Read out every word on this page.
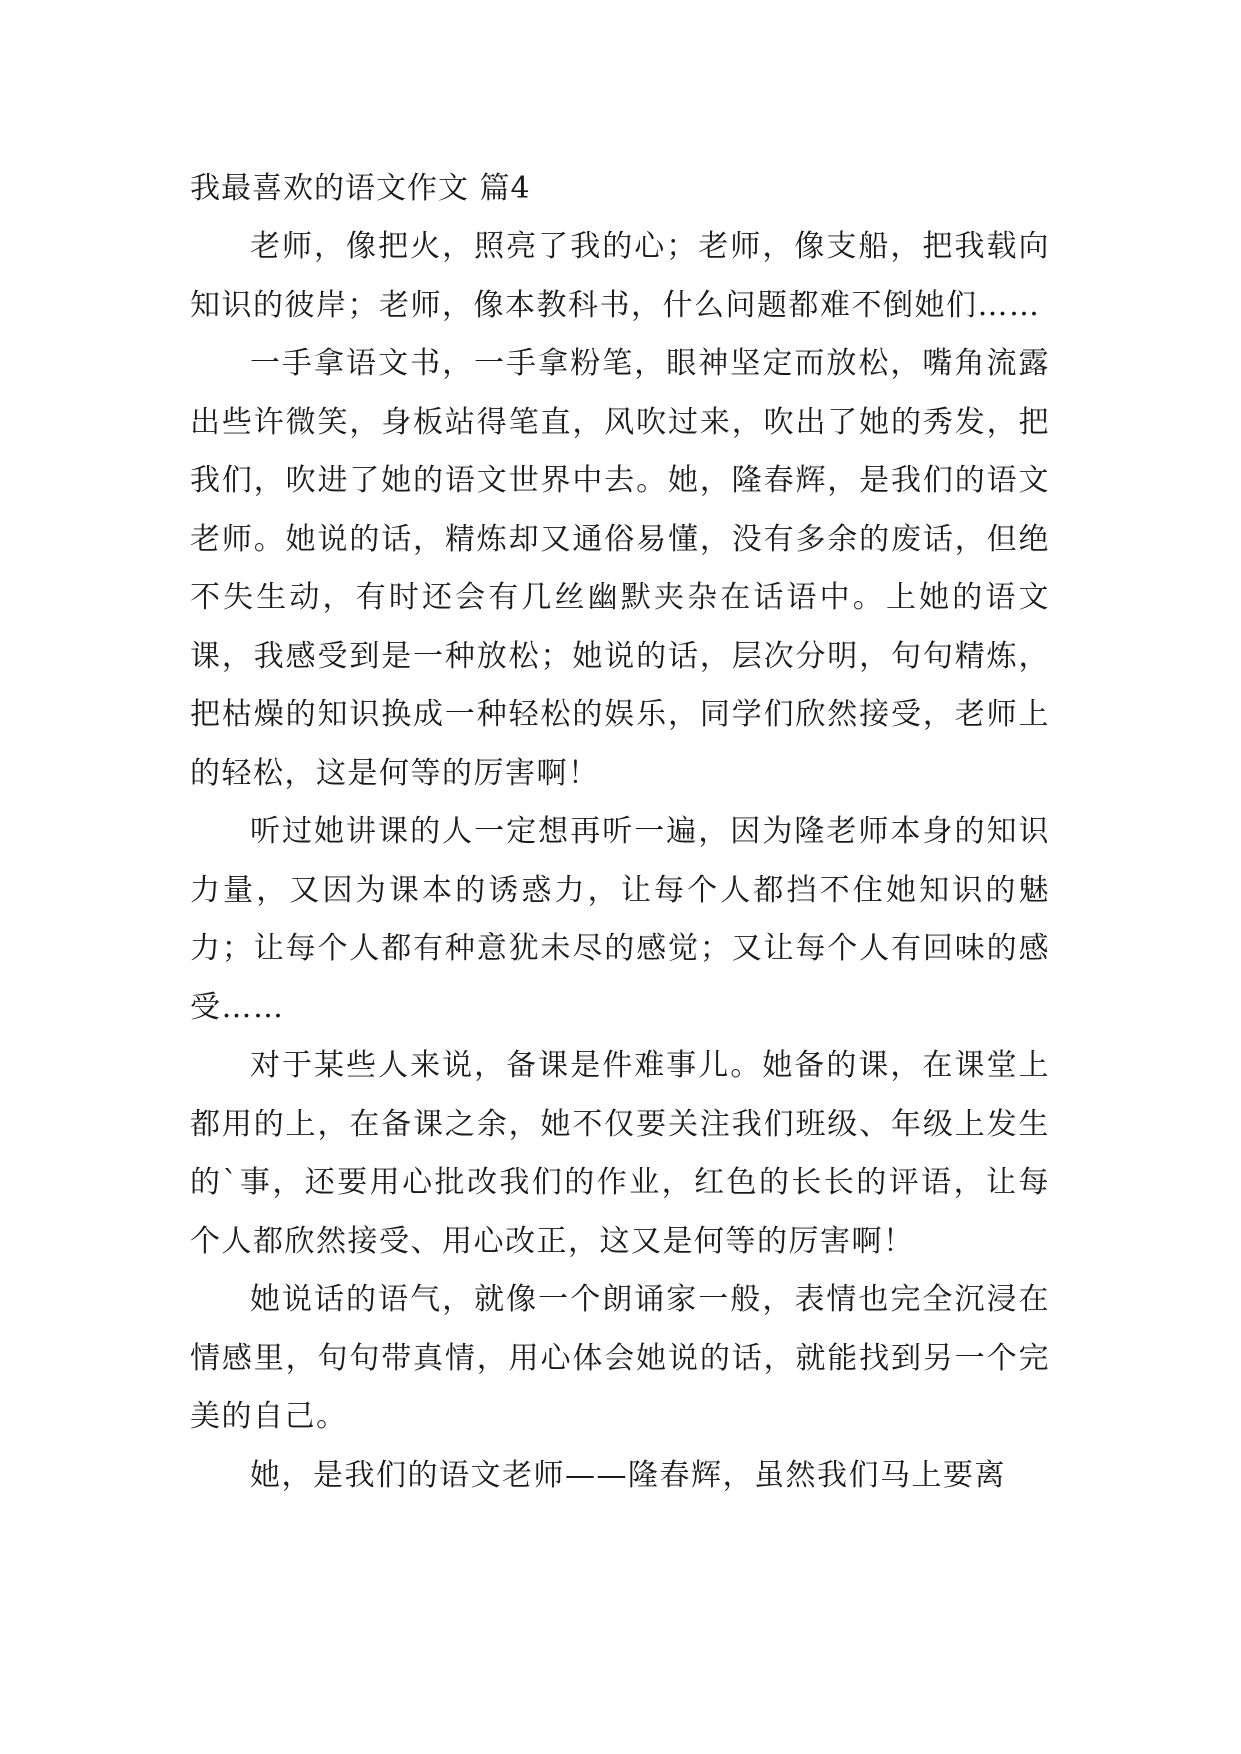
我最喜欢的语文作文 篇4

老师，像把火，照亮了我的心；老师，像支船，把我载向知识的彼岸；老师，像本教科书，什么问题都难不倒她们……

一手拿语文书，一手拿粉笔，眼神坚定而放松，嘴角流露出些许微笑，身板站得笔直，风吹过来，吹出了她的秀发，把我们，吹进了她的语文世界中去。她，隆春辉，是我们的语文老师。她说的话，精炼却又通俗易懂，没有多余的废话，但绝不失生动，有时还会有几丝幽默夹杂在话语中。上她的语文课，我感受到是一种放松；她说的话，层次分明，句句精炼，把枯燥的知识换成一种轻松的娱乐，同学们欣然接受，老师上的轻松，这是何等的厉害啊！

听过她讲课的人一定想再听一遍，因为隆老师本身的知识力量，又因为课本的诱惑力，让每个人都挡不住她知识的魅力；让每个人都有种意犹未尽的感觉；又让每个人有回味的感受……

对于某些人来说，备课是件难事儿。她备的课，在课堂上都用的上，在备课之余，她不仅要关注我们班级、年级上发生的`事，还要用心批改我们的作业，红色的长长的评语，让每个人都欣然接受、用心改正，这又是何等的厉害啊！

她说话的语气，就像一个朗诵家一般，表情也完全沉浸在情感里，句句带真情，用心体会她说的话，就能找到另一个完美的自己。

她，是我们的语文老师——隆春辉，虽然我们马上要离
